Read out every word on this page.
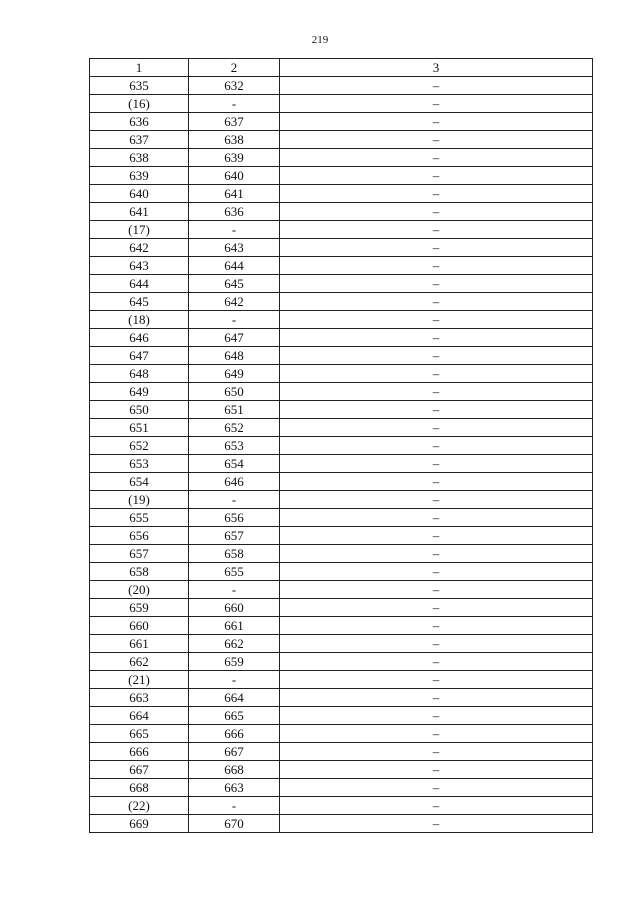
219
1	2	3
635	632	–
(16)	-	–
636	637	–
637	638	–
638	639	–
639	640	–
640	641	–
641	636	–
(17)	-	–
642	643	–
643	644	–
644	645	–
645	642	–
(18)	-	–
646	647	–
647	648	–
648	649	–
649	650	–
650	651	–
651	652	–
652	653	–
653	654	–
654	646	–
(19)	-	–
655	656	–
656	657	–
657	658	–
658	655	–
(20)	-	–
659	660	–
660	661	–
661	662	–
662	659	–
(21)	-	–
663	664	–
664	665	–
665	666	–
666	667	–
667	668	–
668	663	–
(22)	-	–
669	670	–
